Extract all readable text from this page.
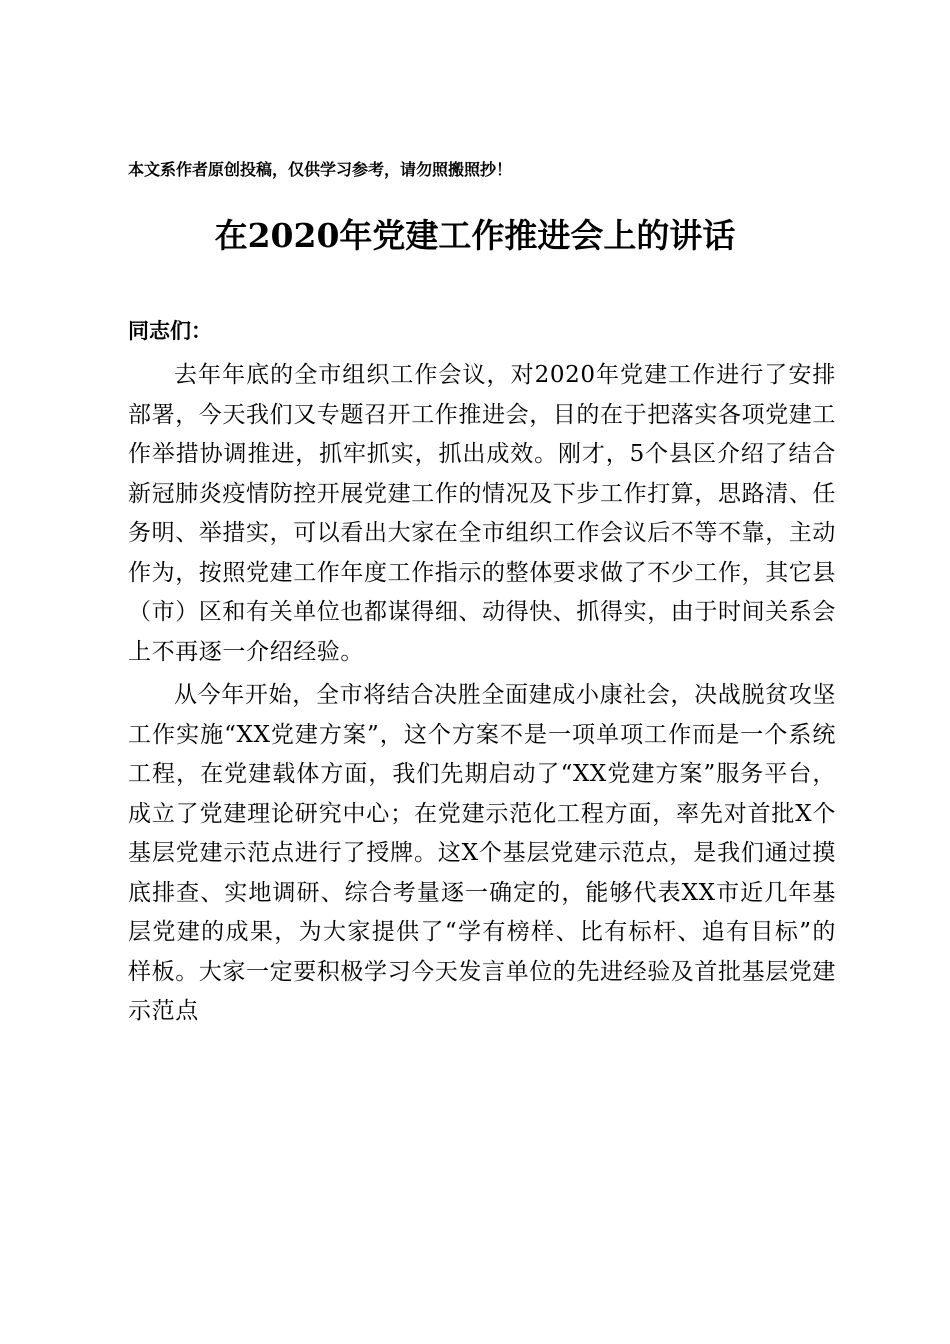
本文系作者原创投稿，仅供学习参考，请勿照搬照抄！
在2020年党建工作推进会上的讲话
同志们：

去年年底的全市组织工作会议，对2020年党建工作进行了安排部署，今天我们又专题召开工作推进会，目的在于把落实各项党建工作举措协调推进，抓牢抓实，抓出成效。刚才，5个县区介绍了结合新冠肺炎疫情防控开展党建工作的情况及下步工作打算，思路清、任务明、举措实，可以看出大家在全市组织工作会议后不等不靠，主动作为，按照党建工作年度工作指示的整体要求做了不少工作，其它县（市）区和有关单位也都谋得细、动得快、抓得实，由于时间关系会上不再逐一介绍经验。

从今年开始，全市将结合决胜全面建成小康社会，决战脱贫攻坚工作实施“XX党建方案”，这个方案不是一项单项工作而是一个系统工程，在党建载体方面，我们先期启动了“XX党建方案”服务平台，成立了党建理论研究中心；在党建示范化工程方面，率先对首批X个基层党建示范点进行了授牌。这X个基层党建示范点，是我们通过摸底排查、实地调研、综合考量逐一确定的，能够代表XX市近几年基层党建的成果，为大家提供了“学有榜样、比有标杆、追有目标”的样板。大家一定要积极学习今天发言单位的先进经验及首批基层党建示范点
